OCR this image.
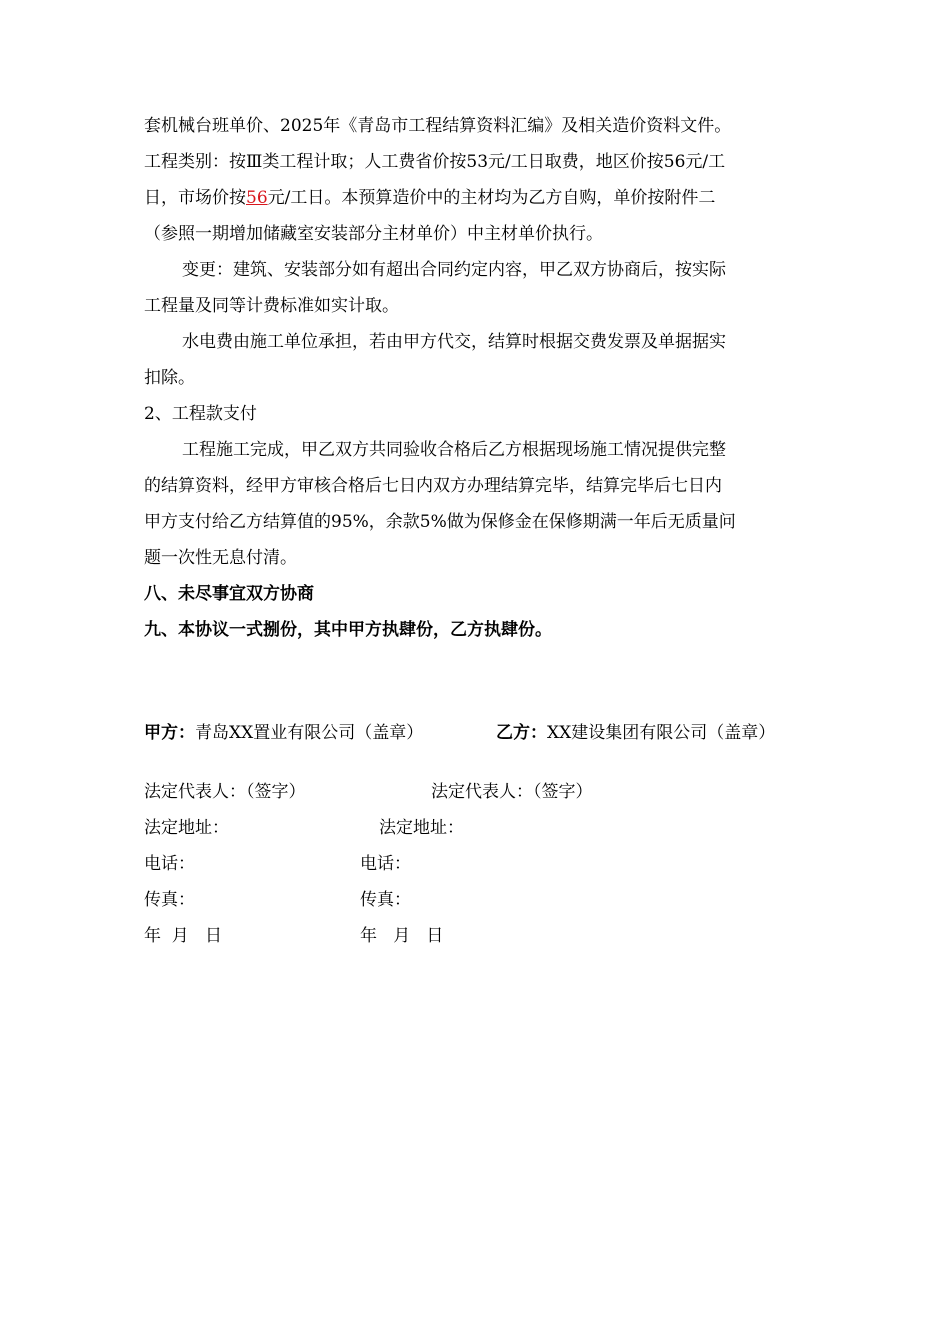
套机械台班单价、2025年《青岛市工程结算资料汇编》及相关造价资料文件。
工程类别：按Ⅲ类工程计取；人工费省价按53元/工日取费，地区价按56元/工
日，市场价按56元/工日。本预算造价中的主材均为乙方自购，单价按附件二
（参照一期增加储藏室安装部分主材单价）中主材单价执行。
变更：建筑、安装部分如有超出合同约定内容，甲乙双方协商后，按实际
工程量及同等计费标准如实计取。
水电费由施工单位承担，若由甲方代交，结算时根据交费发票及单据据实
扣除。
2、工程款支付
工程施工完成，甲乙双方共同验收合格后乙方根据现场施工情况提供完整
的结算资料，经甲方审核合格后七日内双方办理结算完毕，结算完毕后七日内
甲方支付给乙方结算值的95%，余款5%做为保修金在保修期满一年后无质量问
题一次性无息付清。
八、未尽事宜双方协商
九、本协议一式捌份，其中甲方执肆份，乙方执肆份。
甲方：青岛XX置业有限公司（盖章）	乙方：XX建设集团有限公司（盖章）
法定代表人：（签字）	法定代表人：（签字）
法定地址：	法定地址：
电话：	电话：
传真：	传真：
年  月   日	年   月   日
